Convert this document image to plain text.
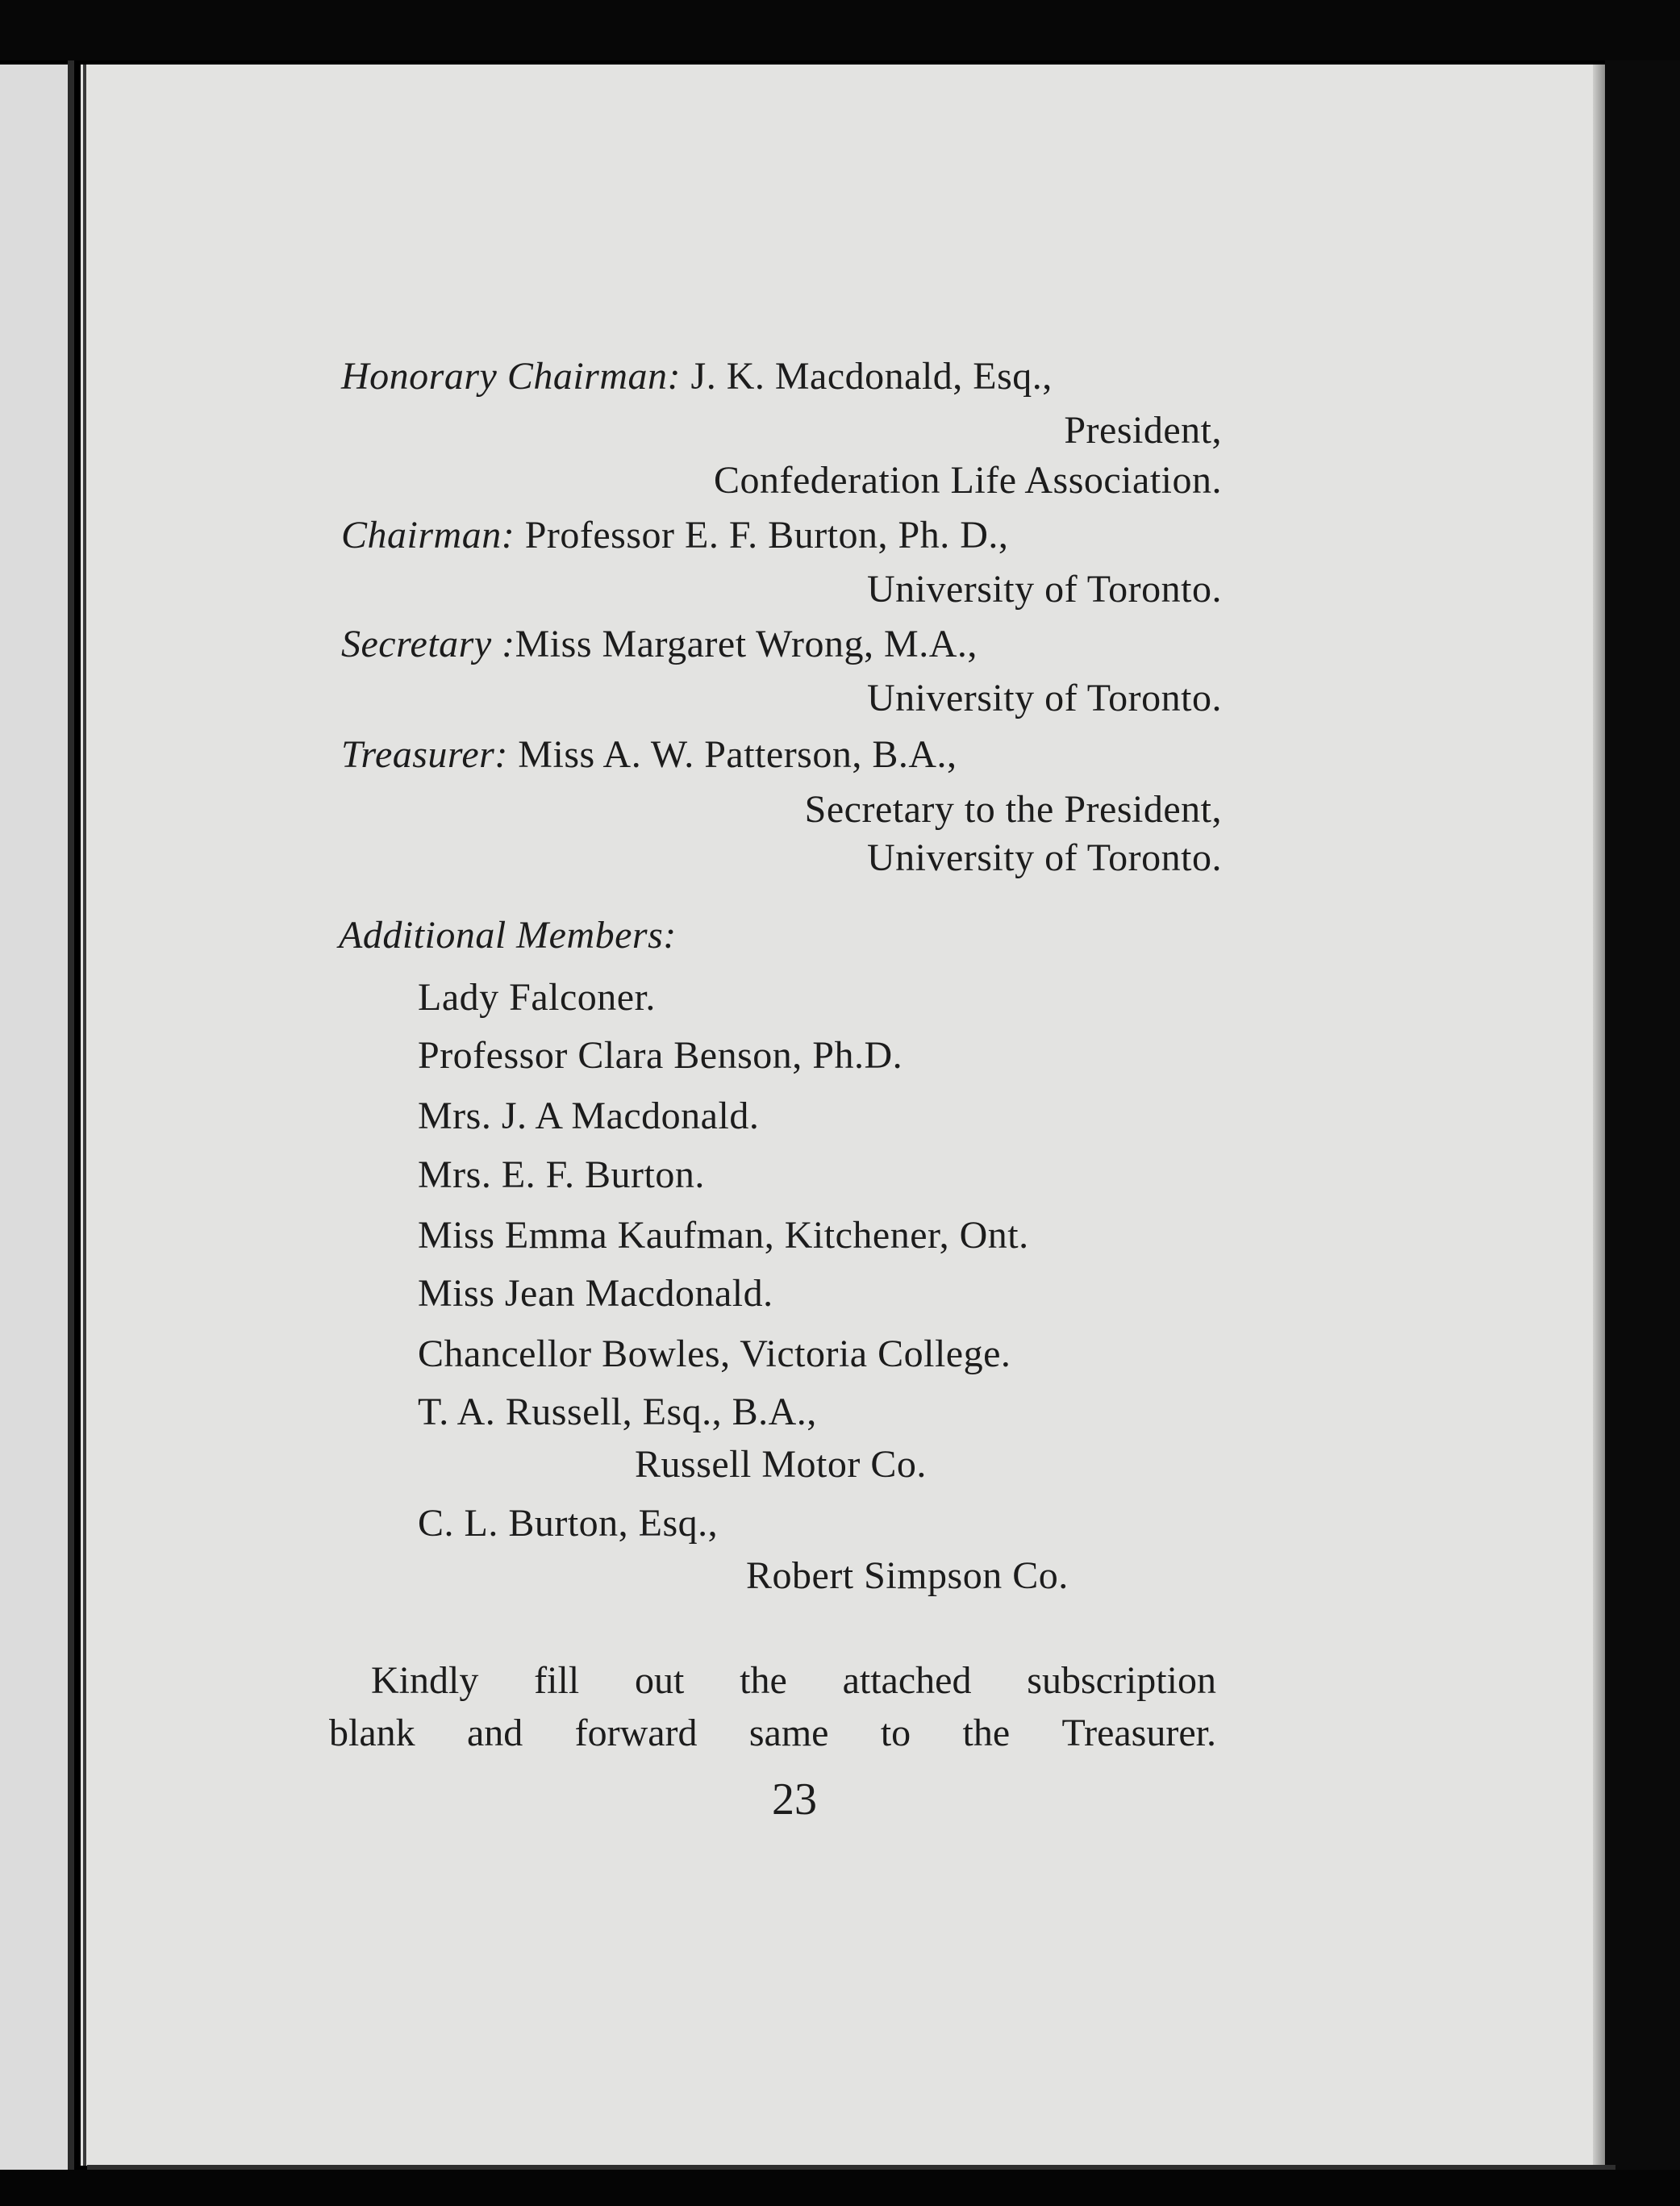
Honorary Chairman: J. K. Macdonald, Esq.,
President,
Confederation Life Association.
Chairman: Professor E. F. Burton, Ph. D.,
University of Toronto.
Secretary :Miss Margaret Wrong, M.A.,
University of Toronto.
Treasurer: Miss A. W. Patterson, B.A.,
Secretary to the President,
University of Toronto.
Additional Members:
Lady Falconer.
Professor Clara Benson, Ph.D.
Mrs. J. A Macdonald.
Mrs. E. F. Burton.
Miss Emma Kaufman, Kitchener, Ont.
Miss Jean Macdonald.
Chancellor Bowles, Victoria College.
T. A. Russell, Esq., B.A.,
Russell Motor Co.
C. L. Burton, Esq.,
Robert Simpson Co.
Kindly fill out the attached subscription
blank and forward same to the Treasurer.
23
